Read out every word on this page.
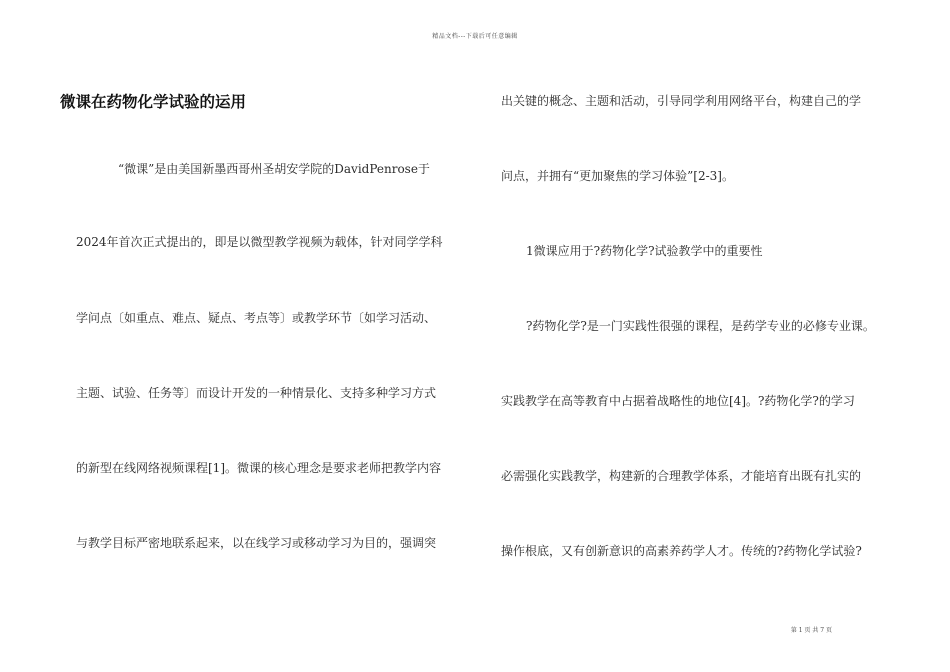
精品文档---下载后可任意编辑
微课在药物化学试验的运用
“微课”是由美国新墨西哥州圣胡安学院的DavidPenrose于
2024年首次正式提出的，即是以微型教学视频为载体，针对同学学科
学问点〔如重点、难点、疑点、考点等〕或教学环节〔如学习活动、
主题、试验、任务等〕而设计开发的一种情景化、支持多种学习方式
的新型在线网络视频课程[1]。微课的核心理念是要求老师把教学内容
与教学目标严密地联系起来，以在线学习或移动学习为目的，强调突
出关键的概念、主题和活动，引导同学利用网络平台，构建自己的学
问点，并拥有“更加聚焦的学习体验”[2-3]。
1微课应用于?药物化学?试验教学中的重要性
?药物化学?是一门实践性很强的课程，是药学专业的必修专业课。
实践教学在高等教育中占据着战略性的地位[4]。?药物化学?的学习
必需强化实践教学，构建新的合理教学体系，才能培育出既有扎实的
操作根底，又有创新意识的高素养药学人才。传统的?药物化学试验?
第 1 页 共 7 页
